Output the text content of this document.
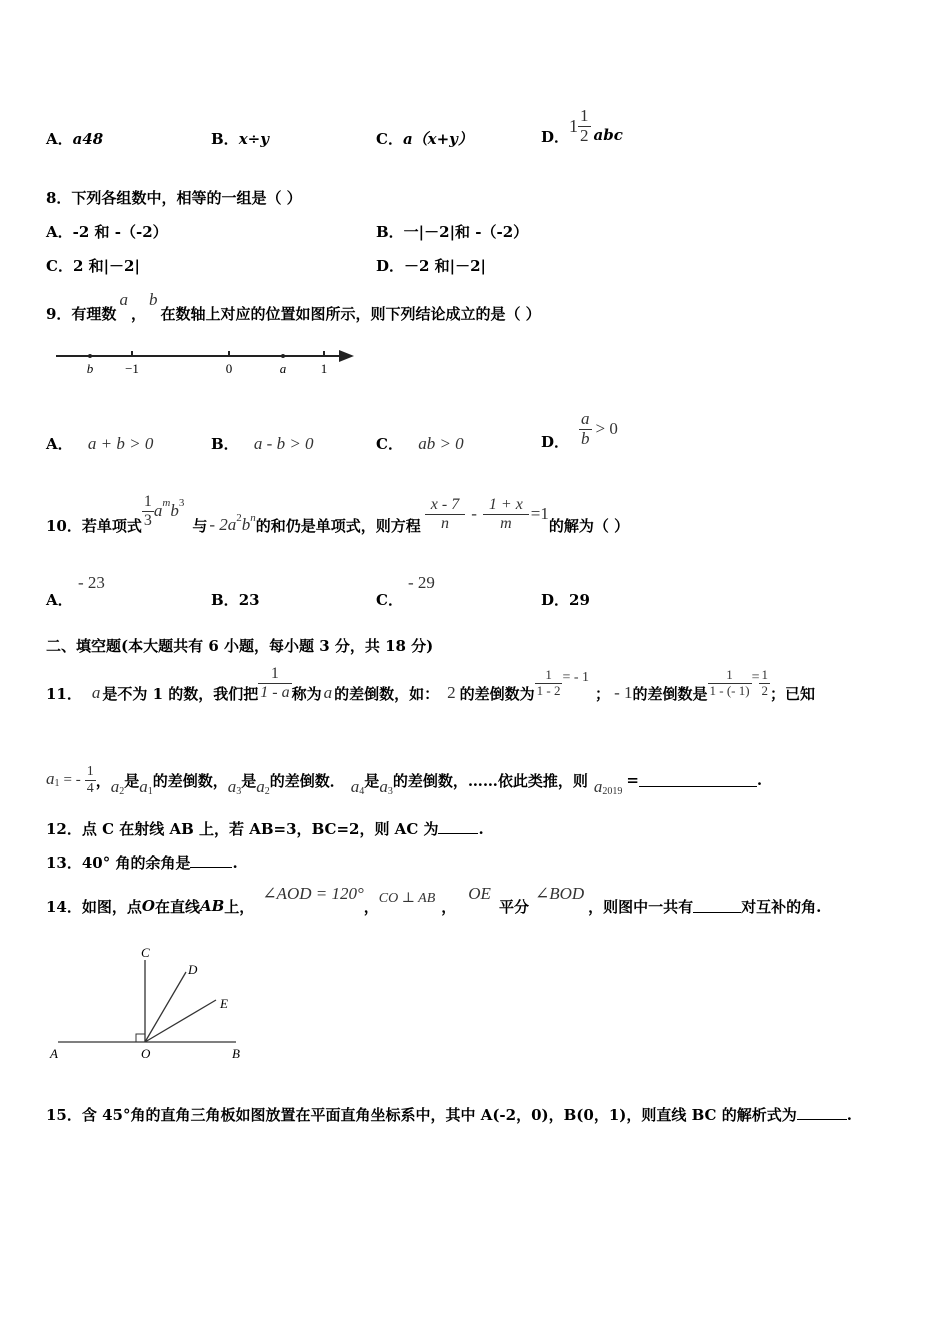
A．a48	B．x÷y	C．a（x+y）	D．
$1 \frac{1}{2}$ abc
8．下列各组数中，相等的一组是（ ）
A．-2 和 -（-2）	B．一|－2|和 -（-2）
C．2 和|－2|	D．－2 和|－2|
9．有理数
a
，
b
在数轴上对应的位置如图所示，则下列结论成立的是（ ）
b −1	0	a	1
A． a + b > 0	B． a - b > 0	C． ab > 0	D． $\frac{a}{b} > 0$
10．若单项式 $\frac{1}{3} a^m$ $b^3$
与 - $2a^2$ $b^n$ 的和仍是单项式，则方程 $\frac{x - 7}{n} - \frac{1 + x}{m} =1$
的解为（ ）
A．
- 23
B．23	C．
- 29
D．29
二、填空题(本大题共有 6 小题，每小题 3 分，共 18 分)
11． a 是不为 1 的数，我们把 $\frac{1}{1 - a}$ 称为 a 的差倒数，如： 2 的差倒数为 $\frac{1}{1 - 2}$ = - 1
； - 1 的差倒数是 $\frac{1}{1 - (- 1)} = \frac{1}{2}$ ；已知
$a_1$ = - $\frac{1}{4}$ ， $a_2$
是 $a_1$
的差倒数， $a_3$
是 $a_2$
的差倒数． $a_4$
是 $a_3$
的差倒数，……依此类推，则 $a_{2019}$
=	.
12．点 C 在射线 AB 上，若 AB=3，BC=2，则 AC 为	.
13．40° 角的余角是	.
14．如图，点 O 在直线 AB 上，
∠AOD = 120°
， CO ⊥ AB ，
OE
平分
∠BOD
，则图中一共有	对互补的角.
C
D
E
A	O	B
15．含 45°角的直角三角板如图放置在平面直角坐标系中，其中 A(-2，0)，B(0，1)，则直线 BC 的解析式为	.
